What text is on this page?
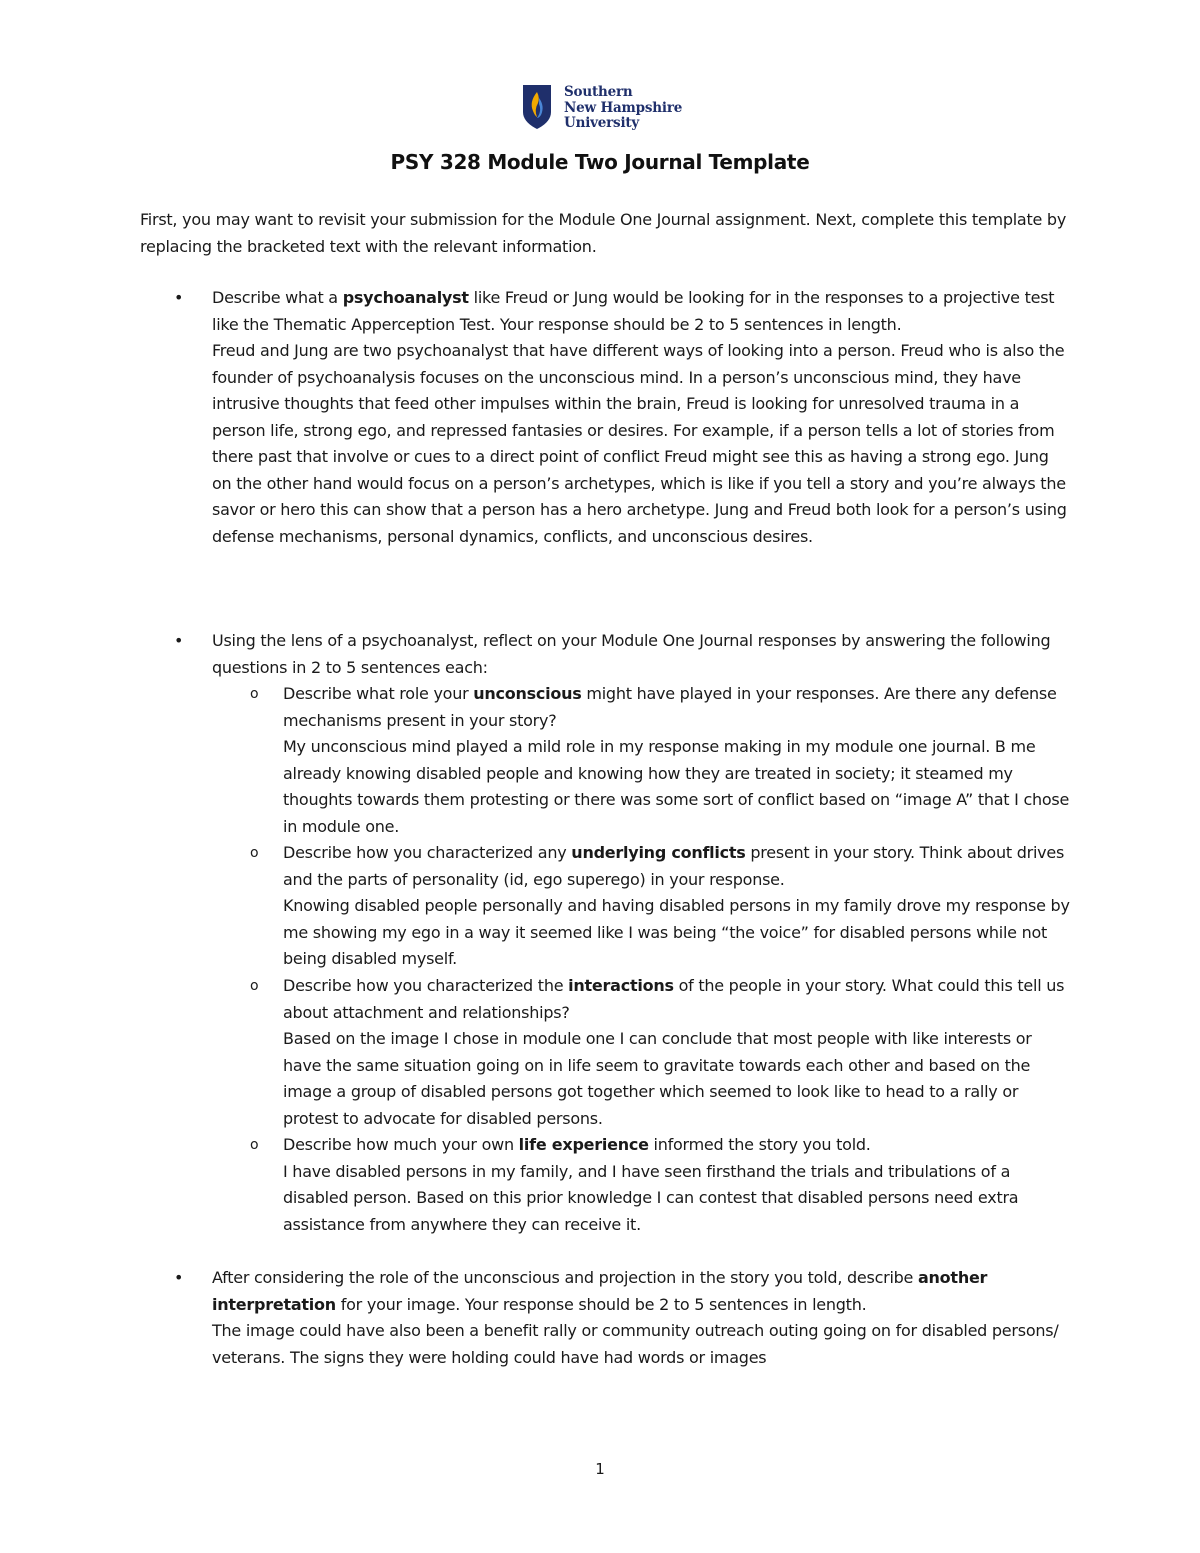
Southern
New Hampshire
University
PSY 328 Module Two Journal Template

First, you may want to revisit your submission for the Module One Journal assignment. Next, complete this template by replacing the bracketed text with the relevant information.

• Describe what a psychoanalyst like Freud or Jung would be looking for in the responses to a projective test like the Thematic Apperception Test. Your response should be 2 to 5 sentences in length.
Freud and Jung are two psychoanalyst that have different ways of looking into a person. Freud who is also the founder of psychoanalysis focuses on the unconscious mind. In a person’s unconscious mind, they have intrusive thoughts that feed other impulses within the brain, Freud is looking for unresolved trauma in a person life, strong ego, and repressed fantasies or desires. For example, if a person tells a lot of stories from there past that involve or cues to a direct point of conflict Freud might see this as having a strong ego. Jung on the other hand would focus on a person’s archetypes, which is like if you tell a story and you’re always the savor or hero this can show that a person has a hero archetype. Jung and Freud both look for a person’s using defense mechanisms, personal dynamics, conflicts, and unconscious desires.
• Using the lens of a psychoanalyst, reflect on your Module One Journal responses by answering the following questions in 2 to 5 sentences each:
o Describe what role your unconscious might have played in your responses. Are there any defense mechanisms present in your story?
My unconscious mind played a mild role in my response making in my module one journal. B me already knowing disabled people and knowing how they are treated in society; it steamed my thoughts towards them protesting or there was some sort of conflict based on “image A” that I chose in module one.
o Describe how you characterized any underlying conflicts present in your story. Think about drives and the parts of personality (id, ego superego) in your response.
Knowing disabled people personally and having disabled persons in my family drove my response by me showing my ego in a way it seemed like I was being “the voice” for disabled persons while not being disabled myself.
o Describe how you characterized the interactions of the people in your story. What could this tell us about attachment and relationships?
Based on the image I chose in module one I can conclude that most people with like interests or have the same situation going on in life seem to gravitate towards each other and based on the image a group of disabled persons got together which seemed to look like to head to a rally or protest to advocate for disabled persons.
o Describe how much your own life experience informed the story you told.
I have disabled persons in my family, and I have seen firsthand the trials and tribulations of a disabled person. Based on this prior knowledge I can contest that disabled persons need extra assistance from anywhere they can receive it.
• After considering the role of the unconscious and projection in the story you told, describe another interpretation for your image. Your response should be 2 to 5 sentences in length.
The image could have also been a benefit rally or community outreach outing going on for disabled persons/ veterans. The signs they were holding could have had words or images
1
